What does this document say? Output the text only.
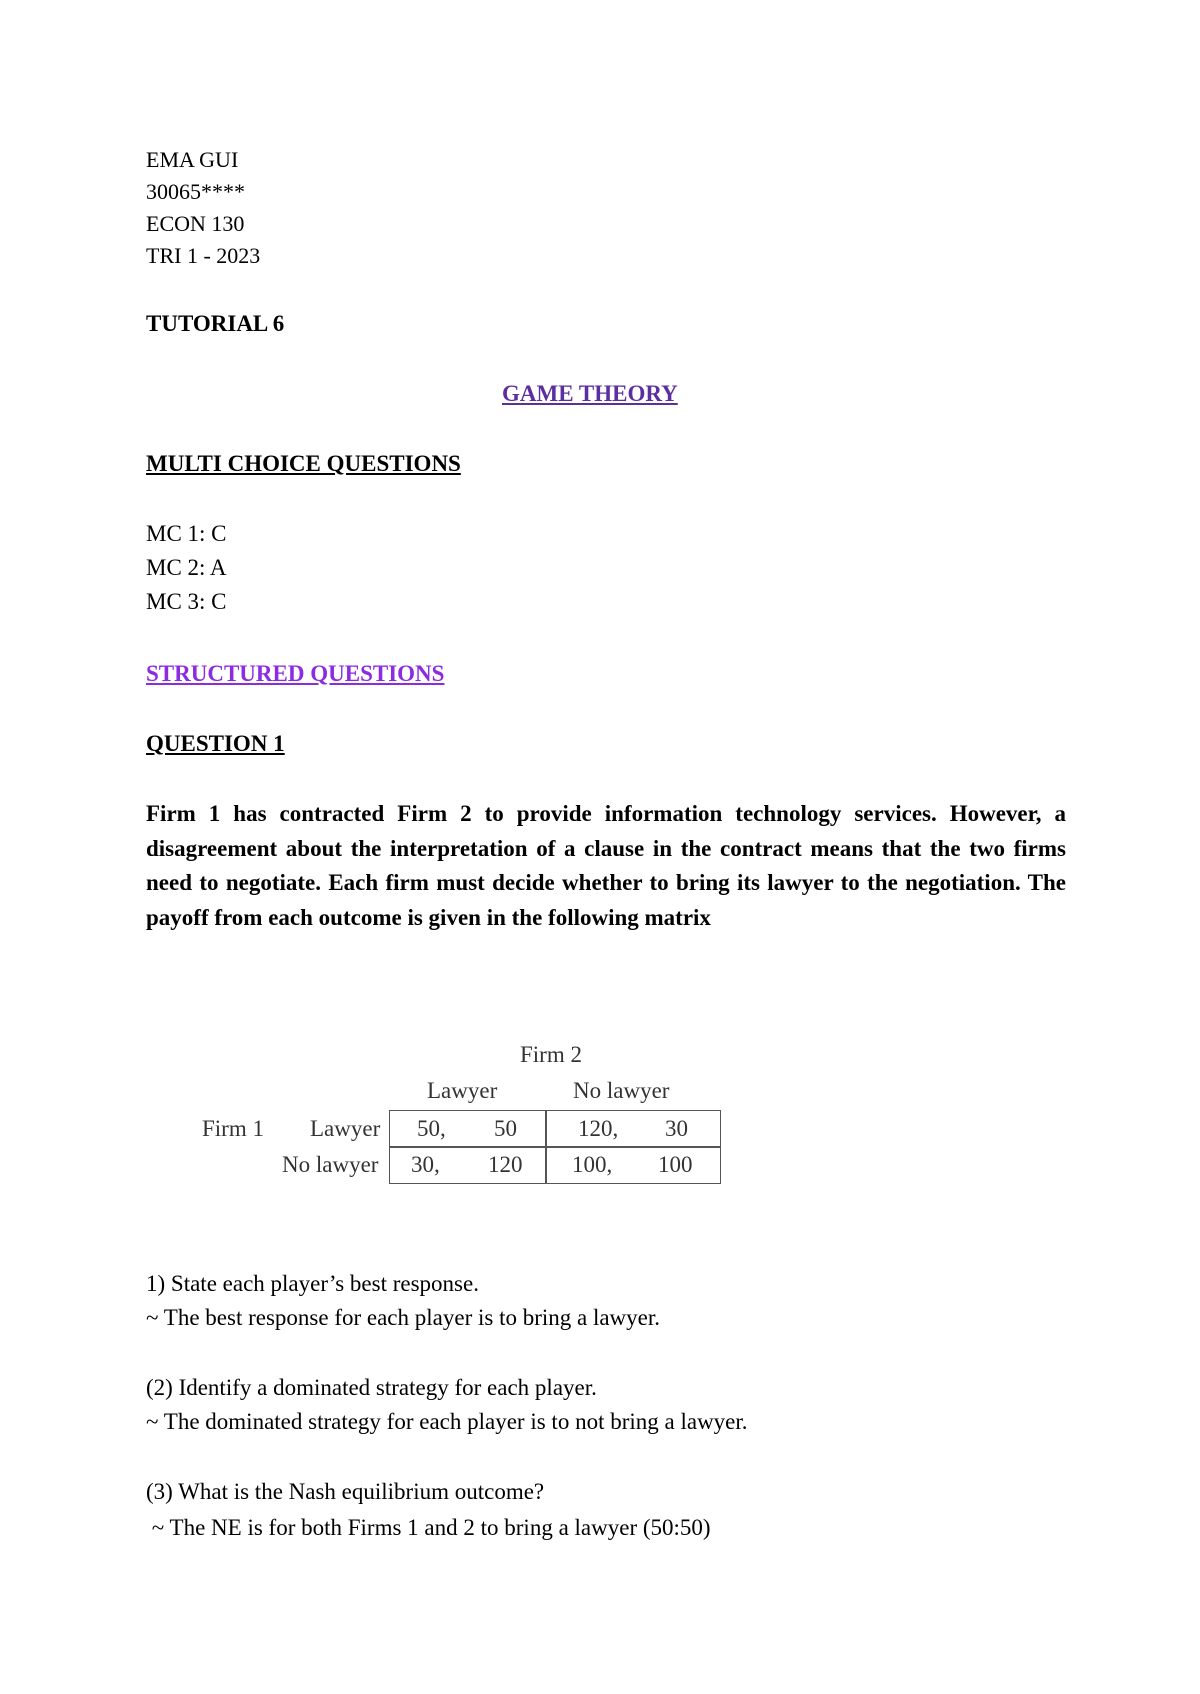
EMA GUI
30065****
ECON 130
TRI 1 - 2023
TUTORIAL 6
GAME THEORY
MULTI CHOICE QUESTIONS
MC 1: C
MC 2: A
MC 3: C
STRUCTURED QUESTIONS
QUESTION 1

Firm 1 has contracted Firm 2 to provide information technology services. However, a disagreement about the interpretation of a clause in the contract means that the two firms need to negotiate. Each firm must decide whether to bring its lawyer to the negotiation. The payoff from each outcome is given in the following matrix

Firm 2
Lawyer	No lawyer
Firm 1 Lawyer
No lawyer
50, 50	120, 30
30, 120 100, 100
1) State each player’s best response.
~ The best response for each player is to bring a lawyer.
(2) Identify a dominated strategy for each player.
~ The dominated strategy for each player is to not bring a lawyer.
(3) What is the Nash equilibrium outcome?
~ The NE is for both Firms 1 and 2 to bring a lawyer (50:50)
